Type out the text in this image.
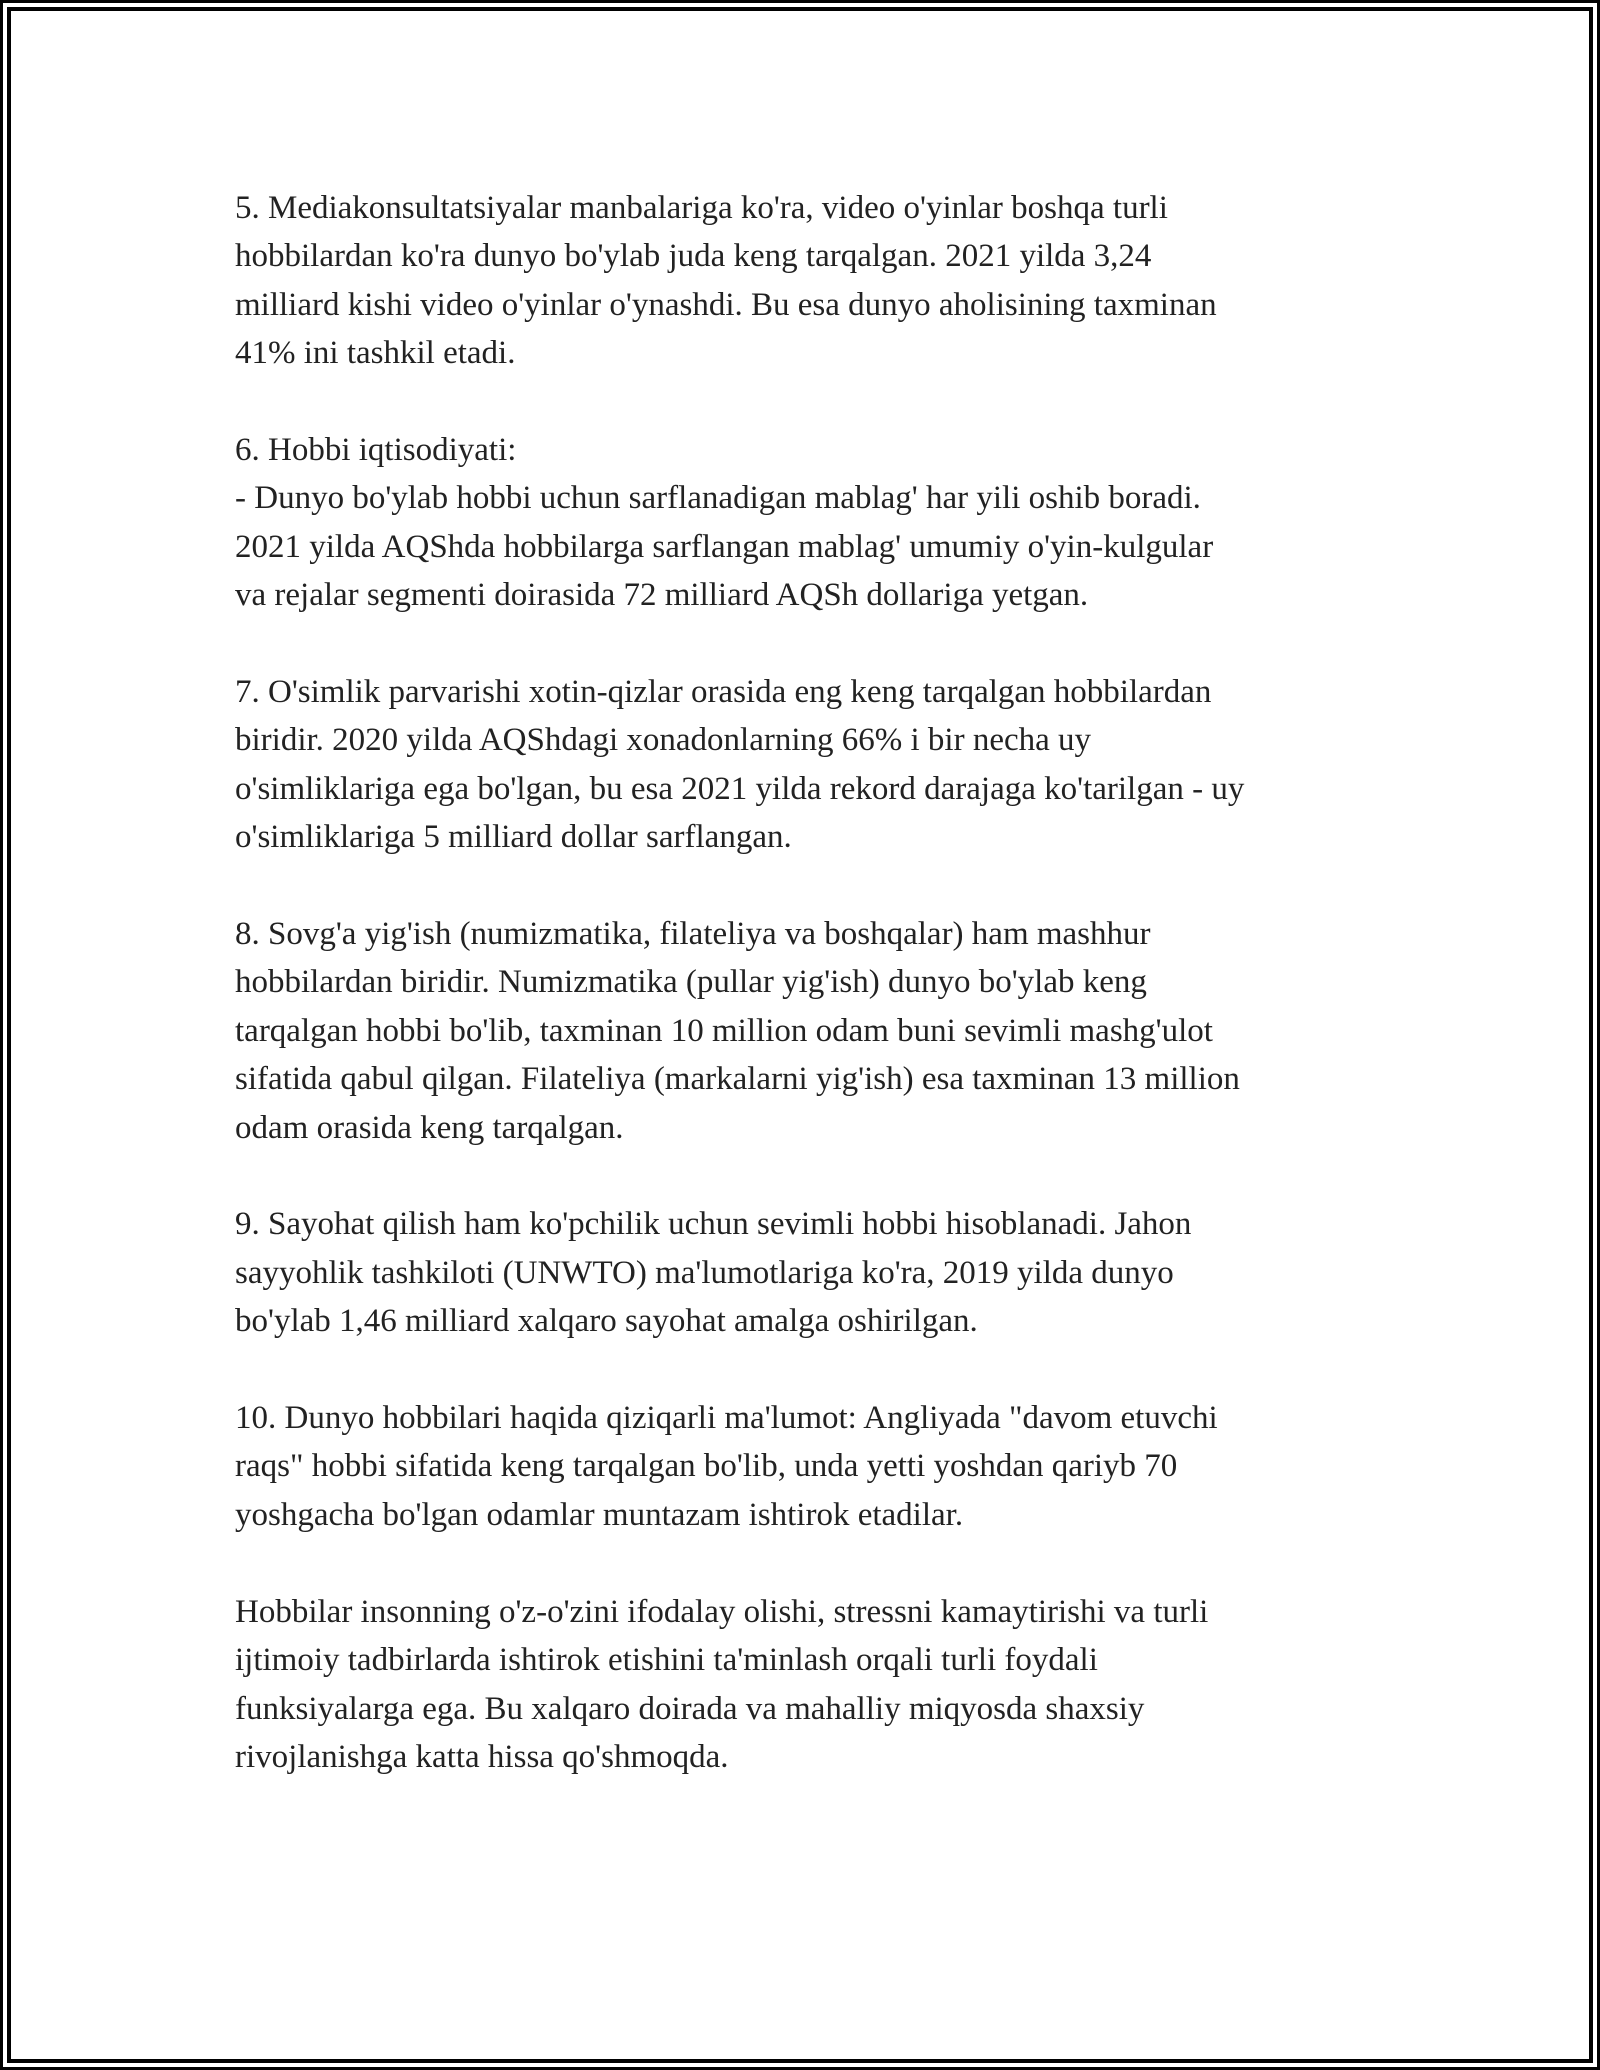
5. Mediakonsultatsiyalar manbalariga ko'ra, video o'yinlar boshqa turli
hobbilardan ko'ra dunyo bo'ylab juda keng tarqalgan. 2021 yilda 3,24
milliard kishi video o'yinlar o'ynashdi. Bu esa dunyo aholisining taxminan
41% ini tashkil etadi.

6. Hobbi iqtisodiyati:
- Dunyo bo'ylab hobbi uchun sarflanadigan mablag' har yili oshib boradi.
2021 yilda AQShda hobbilarga sarflangan mablag' umumiy o'yin-kulgular
va rejalar segmenti doirasida 72 milliard AQSh dollariga yetgan.

7. O'simlik parvarishi xotin-qizlar orasida eng keng tarqalgan hobbilardan
biridir. 2020 yilda AQShdagi xonadonlarning 66% i bir necha uy
o'simliklariga ega bo'lgan, bu esa 2021 yilda rekord darajaga ko'tarilgan - uy
o'simliklariga 5 milliard dollar sarflangan.

8. Sovg'a yig'ish (numizmatika, filateliya va boshqalar) ham mashhur
hobbilardan biridir. Numizmatika (pullar yig'ish) dunyo bo'ylab keng
tarqalgan hobbi bo'lib, taxminan 10 million odam buni sevimli mashg'ulot
sifatida qabul qilgan. Filateliya (markalarni yig'ish) esa taxminan 13 million
odam orasida keng tarqalgan.

9. Sayohat qilish ham ko'pchilik uchun sevimli hobbi hisoblanadi. Jahon
sayyohlik tashkiloti (UNWTO) ma'lumotlariga ko'ra, 2019 yilda dunyo
bo'ylab 1,46 milliard xalqaro sayohat amalga oshirilgan.

10. Dunyo hobbilari haqida qiziqarli ma'lumot: Angliyada "davom etuvchi
raqs" hobbi sifatida keng tarqalgan bo'lib, unda yetti yoshdan qariyb 70
yoshgacha bo'lgan odamlar muntazam ishtirok etadilar.

Hobbilar insonning o'z-o'zini ifodalay olishi, stressni kamaytirishi va turli
ijtimoiy tadbirlarda ishtirok etishini ta'minlash orqali turli foydali
funksiyalarga ega. Bu xalqaro doirada va mahalliy miqyosda shaxsiy
rivojlanishga katta hissa qo'shmoqda.
